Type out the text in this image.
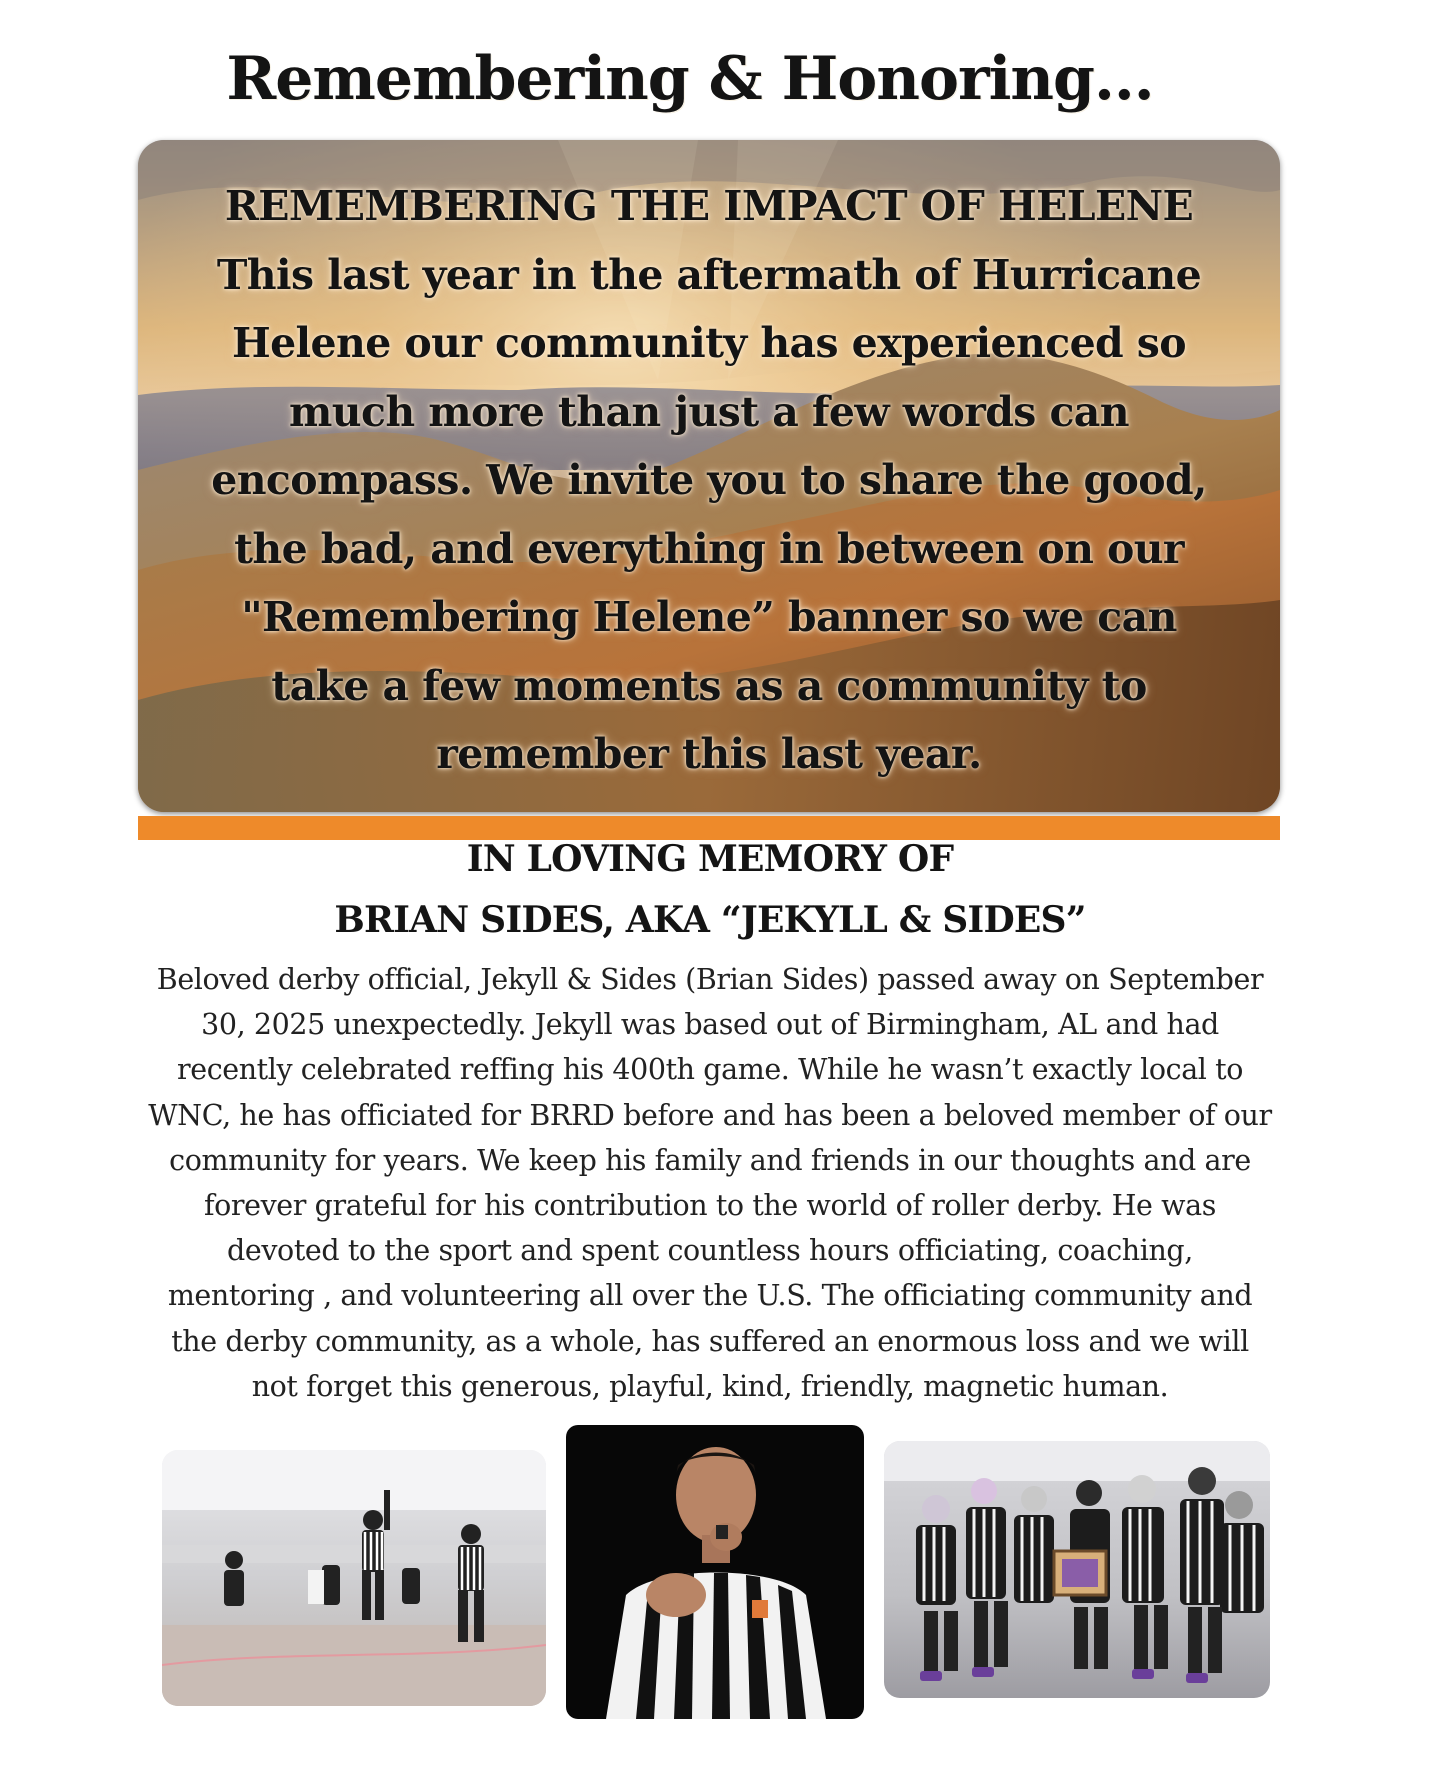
Remembering & Honoring...
REMEMBERING THE IMPACT OF HELENE
This last year in the aftermath of Hurricane
Helene our community has experienced so
much more than just a few words can
encompass. We invite you to share the good,
the bad, and everything in between on our
"Remembering Helene” banner so we can
take a few moments as a community to
remember this last year.
IN LOVING MEMORY OF
BRIAN SIDES, AKA “JEKYLL & SIDES”
Beloved derby official, Jekyll & Sides (Brian Sides) passed away on September
30, 2025 unexpectedly. Jekyll was based out of Birmingham, AL and had
recently celebrated reffing his 400th game. While he wasn’t exactly local to
WNC, he has officiated for BRRD before and has been a beloved member of our
community for years. We keep his family and friends in our thoughts and are
forever grateful for his contribution to the world of roller derby. He was
devoted to the sport and spent countless hours officiating, coaching,
mentoring , and volunteering all over the U.S. The officiating community and
the derby community, as a whole, has suffered an enormous loss and we will
not forget this generous, playful, kind, friendly, magnetic human.
